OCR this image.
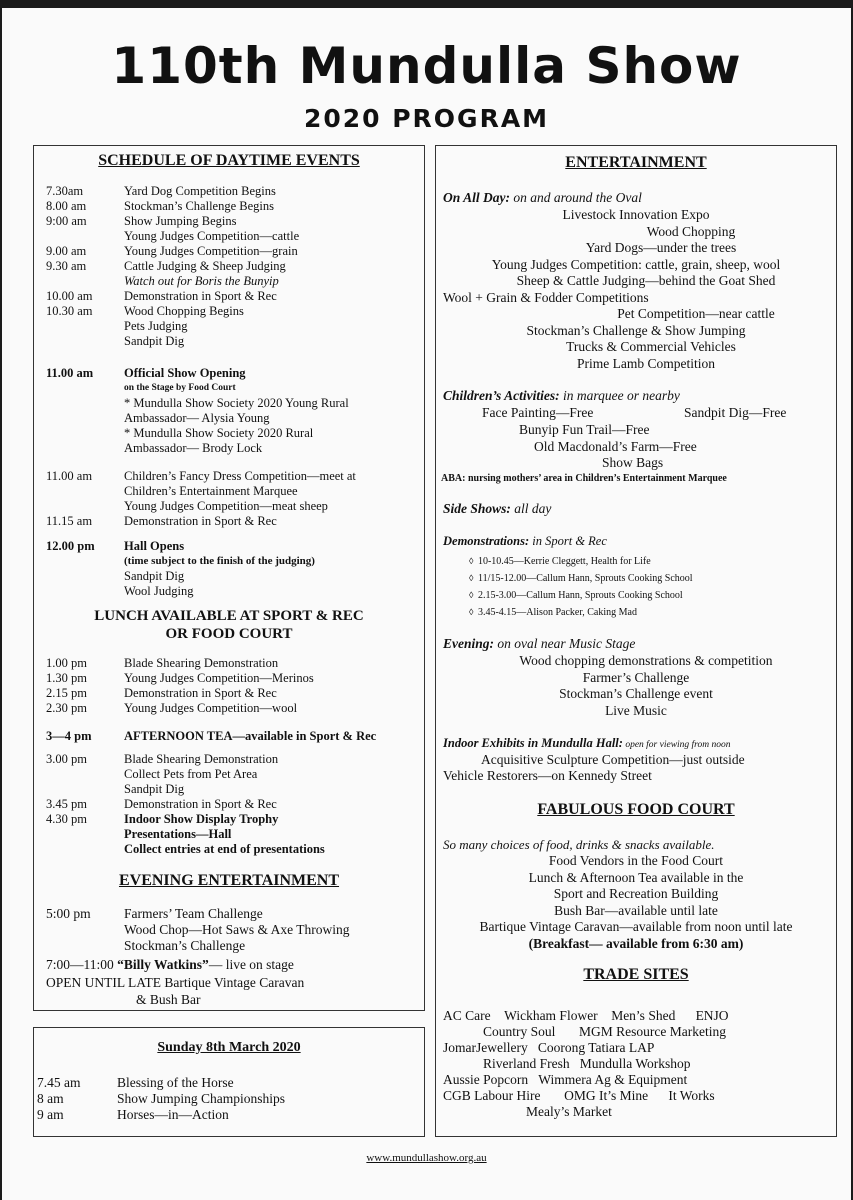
110th Mundulla Show
2020 PROGRAM
SCHEDULE OF DAYTIME EVENTS
7.30am
8.00 am
9:00 am

9.00 am
9.30 am

10.00 am
10.30 am
Yard Dog Competition Begins
Stockman’s Challenge Begins
Show Jumping Begins
Young Judges Competition—cattle
Young Judges Competition—grain
Cattle Judging & Sheep Judging
Watch out for Boris the Bunyip
Demonstration in Sport & Rec
Wood Chopping Begins
Pets Judging
Sandpit Dig
11.00 am Official Show Opening
on the Stage by Food Court
* Mundulla Show Society 2020 Young Rural
Ambassador— Alysia Young
* Mundulla Show Society 2020 Rural
Ambassador— Brody Lock
11.00 am

11.15 am
Children’s Fancy Dress Competition—meet at
Children’s Entertainment Marquee
Young Judges Competition—meat sheep
Demonstration in Sport & Rec
12.00 pm Hall Opens
(time subject to the finish of the judging)
Sandpit Dig
Wool Judging
LUNCH AVAILABLE AT SPORT & REC
OR FOOD COURT
1.00 pm
1.30 pm
2.15 pm
2.30 pm
Blade Shearing Demonstration
Young Judges Competition—Merinos
Demonstration in Sport & Rec
Young Judges Competition—wool
3—4 pm	AFTERNOON TEA—available in Sport & Rec
3.00 pm

3.45 pm
4.30 pm
Blade Shearing Demonstration
Collect Pets from Pet Area
Sandpit Dig
Demonstration in Sport & Rec
Indoor Show Display Trophy
Presentations—Hall
Collect entries at end of presentations
EVENING ENTERTAINMENT
5:00 pm Farmers’ Team Challenge
Wood Chop—Hot Saws & Axe Throwing
Stockman’s Challenge
7:00—11:00 “Billy Watkins”— live on stage
OPEN UNTIL LATE Bartique Vintage Caravan
& Bush Bar
Sunday 8th March 2020
7.45 am
8 am
9 am
Blessing of the Horse
Show Jumping Championships
Horses—in—Action
ENTERTAINMENT
On All Day: on and around the Oval
Livestock Innovation Expo
Wood Chopping
Yard Dogs—under the trees
Young Judges Competition: cattle, grain, sheep, wool
Sheep & Cattle Judging—behind the Goat Shed
Wool + Grain & Fodder Competitions
Pet Competition—near cattle
Stockman’s Challenge & Show Jumping
Trucks & Commercial Vehicles
Prime Lamb Competition
Children’s Activities: in marquee or nearby
Face Painting—Free	Sandpit Dig—Free
Bunyip Fun Trail—Free
Old Macdonald’s Farm—Free
Show Bags
ABA: nursing mothers’ area in Children’s Entertainment Marquee
Side Shows: all day
Demonstrations: in Sport & Rec
◊  10-10.45—Kerrie Cleggett, Health for Life
◊  11/15-12.00—Callum Hann, Sprouts Cooking School
◊  2.15-3.00—Callum Hann, Sprouts Cooking School
◊  3.45-4.15—Alison Packer, Caking Mad
Evening: on oval near Music Stage
Wood chopping demonstrations & competition
Farmer’s Challenge
Stockman’s Challenge event
Live Music
Indoor Exhibits in Mundulla Hall: open for viewing from noon
Acquisitive Sculpture Competition—just outside
Vehicle Restorers—on Kennedy Street
FABULOUS FOOD COURT
So many choices of food, drinks & snacks available.
Food Vendors in the Food Court
Lunch & Afternoon Tea available in the
Sport and Recreation Building
Bush Bar—available until late
Bartique Vintage Caravan—available from noon until late
(Breakfast— available from 6:30 am)
TRADE SITES
AC Care Wickham Flower Men’s Shed ENJO
Country Soul MGM Resource Marketing
JomarJewellery Coorong Tatiara LAP
Riverland Fresh Mundulla Workshop
Aussie Popcorn Wimmera Ag & Equipment
CGB Labour Hire OMG It’s Mine It Works
Mealy’s Market
www.mundullashow.org.au
